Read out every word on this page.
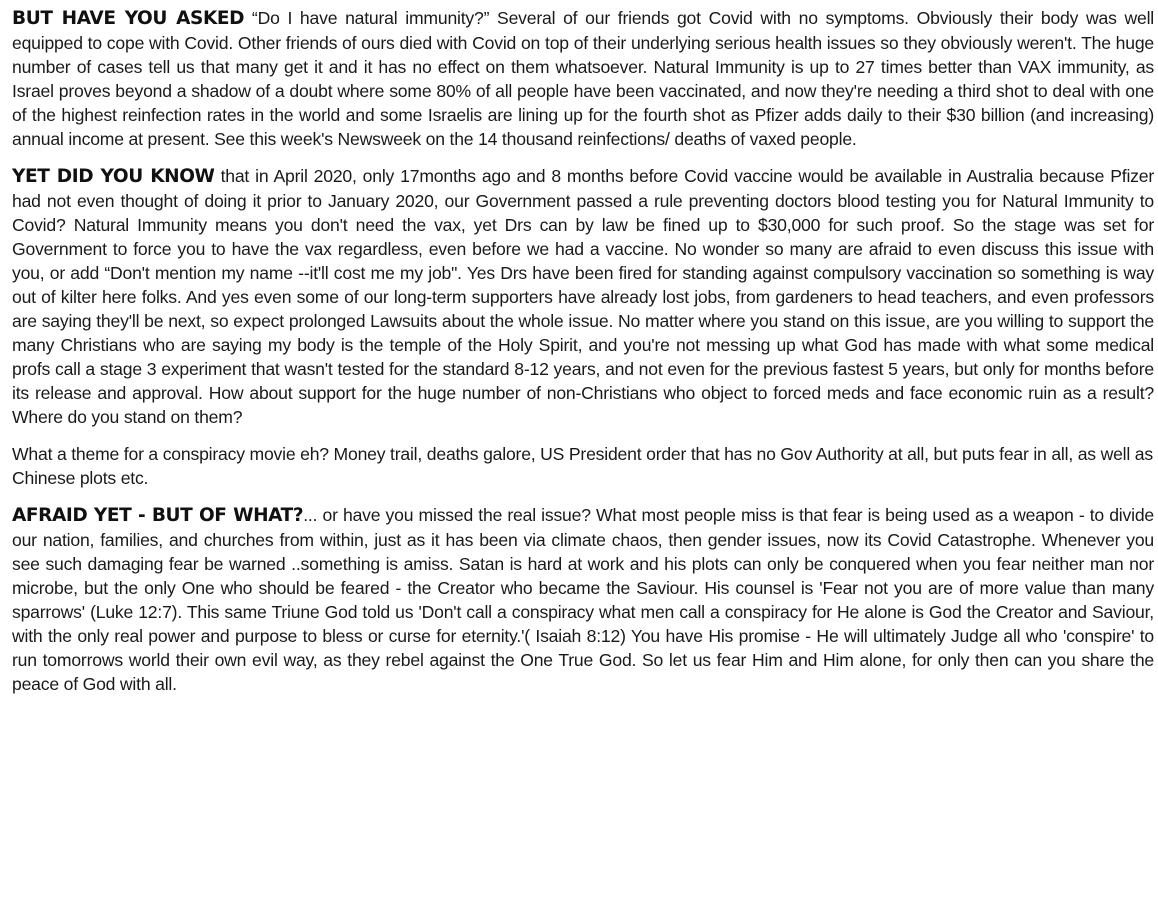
BUT HAVE YOU ASKED “Do I have natural immunity?” Several of our friends got Covid with no symptoms. Obviously their body was well equipped to cope with Covid. Other friends of ours died with Covid on top of their underlying serious health issues so they obviously weren't. The huge number of cases tell us that many get it and it has no effect on them whatsoever. Natural Immunity is up to 27 times better than VAX immunity, as Israel proves beyond a shadow of a doubt where some 80% of all people have been vaccinated, and now they're needing a third shot to deal with one of the highest reinfection rates in the world and some Israelis are lining up for the fourth shot as Pfizer adds daily to their $30 billion (and increasing) annual income at present. See this week's Newsweek on the 14 thousand reinfections/ deaths of vaxed people.

YET DID YOU KNOW that in April 2020, only 17months ago and 8 months before Covid vaccine would be available in Australia because Pfizer had not even thought of doing it prior to January 2020, our Government passed a rule preventing doctors blood testing you for Natural Immunity to Covid? Natural Immunity means you don't need the vax, yet Drs can by law be fined up to $30,000 for such proof. So the stage was set for Government to force you to have the vax regardless, even before we had a vaccine. No wonder so many are afraid to even discuss this issue with you, or add “Don't mention my name --it'll cost me my job". Yes Drs have been fired for standing against compulsory vaccination so something is way out of kilter here folks. And yes even some of our long-term supporters have already lost jobs, from gardeners to head teachers, and even professors are saying they'll be next, so expect prolonged Lawsuits about the whole issue. No matter where you stand on this issue, are you willing to support the many Christians who are saying my body is the temple of the Holy Spirit, and you're not messing up what God has made with what some medical profs call a stage 3 experiment that wasn't tested for the standard 8-12 years, and not even for the previous fastest 5 years, but only for months before its release and approval. How about support for the huge number of non-Christians who object to forced meds and face economic ruin as a result? Where do you stand on them?

What a theme for a conspiracy movie eh? Money trail, deaths galore, US President order that has no Gov Authority at all, but puts fear in all, as well as Chinese plots etc.

AFRAID YET - BUT OF WHAT?... or have you missed the real issue? What most people miss is that fear is being used as a weapon - to divide our nation, families, and churches from within, just as it has been via climate chaos, then gender issues, now its Covid Catastrophe. Whenever you see such damaging fear be warned ..something is amiss. Satan is hard at work and his plots can only be conquered when you fear neither man nor microbe, but the only One who should be feared - the Creator who became the Saviour. His counsel is 'Fear not you are of more value than many sparrows' (Luke 12:7). This same Triune God told us 'Don't call a conspiracy what men call a conspiracy for He alone is God the Creator and Saviour, with the only real power and purpose to bless or curse for eternity.'( Isaiah 8:12) You have His promise - He will ultimately Judge all who 'conspire' to run tomorrows world their own evil way, as they rebel against the One True God. So let us fear Him and Him alone, for only then can you share the peace of God with all.
